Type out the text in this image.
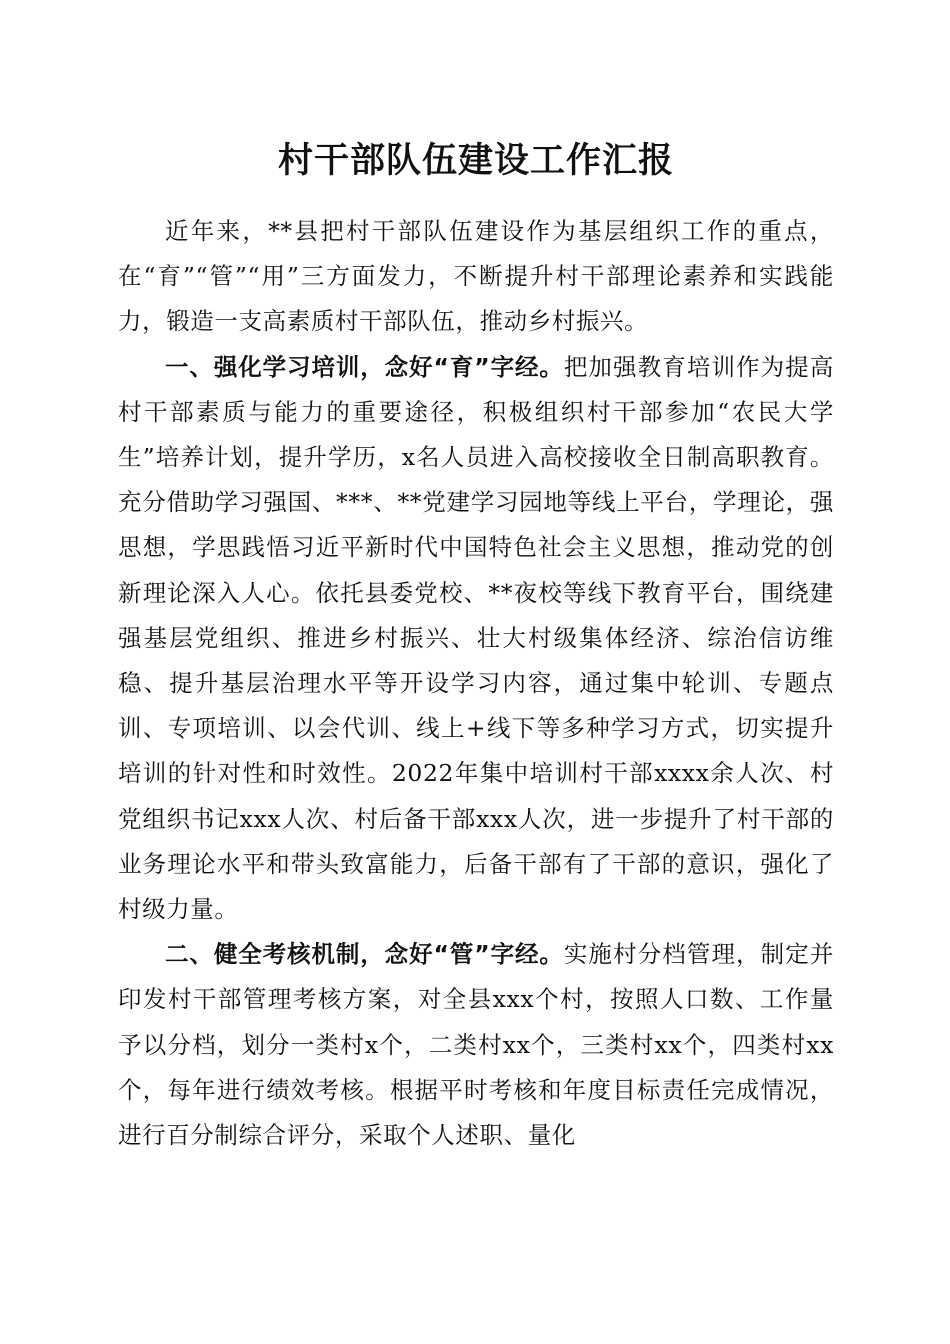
村干部队伍建设工作汇报

近年来，**县把村干部队伍建设作为基层组织工作的重点，在“育”“管”“用”三方面发力，不断提升村干部理论素养和实践能力，锻造一支高素质村干部队伍，推动乡村振兴。

一、强化学习培训，念好“育”字经。把加强教育培训作为提高村干部素质与能力的重要途径，积极组织村干部参加“农民大学生”培养计划，提升学历，x名人员进入高校接收全日制高职教育。充分借助学习强国、***、**党建学习园地等线上平台，学理论，强思想，学思践悟习近平新时代中国特色社会主义思想，推动党的创新理论深入人心。依托县委党校、**夜校等线下教育平台，围绕建强基层党组织、推进乡村振兴、壮大村级集体经济、综治信访维稳、提升基层治理水平等开设学习内容，通过集中轮训、专题点训、专项培训、以会代训、线上+线下等多种学习方式，切实提升培训的针对性和时效性。2022年集中培训村干部xxxx余人次、村党组织书记xxx人次、村后备干部xxx人次，进一步提升了村干部的业务理论水平和带头致富能力，后备干部有了干部的意识，强化了村级力量。

二、健全考核机制，念好“管”字经。实施村分档管理，制定并印发村干部管理考核方案，对全县xxx个村，按照人口数、工作量予以分档，划分一类村x个，二类村xx个，三类村xx个，四类村xx个，每年进行绩效考核。根据平时考核和年度目标责任完成情况，进行百分制综合评分，采取个人述职、量化
